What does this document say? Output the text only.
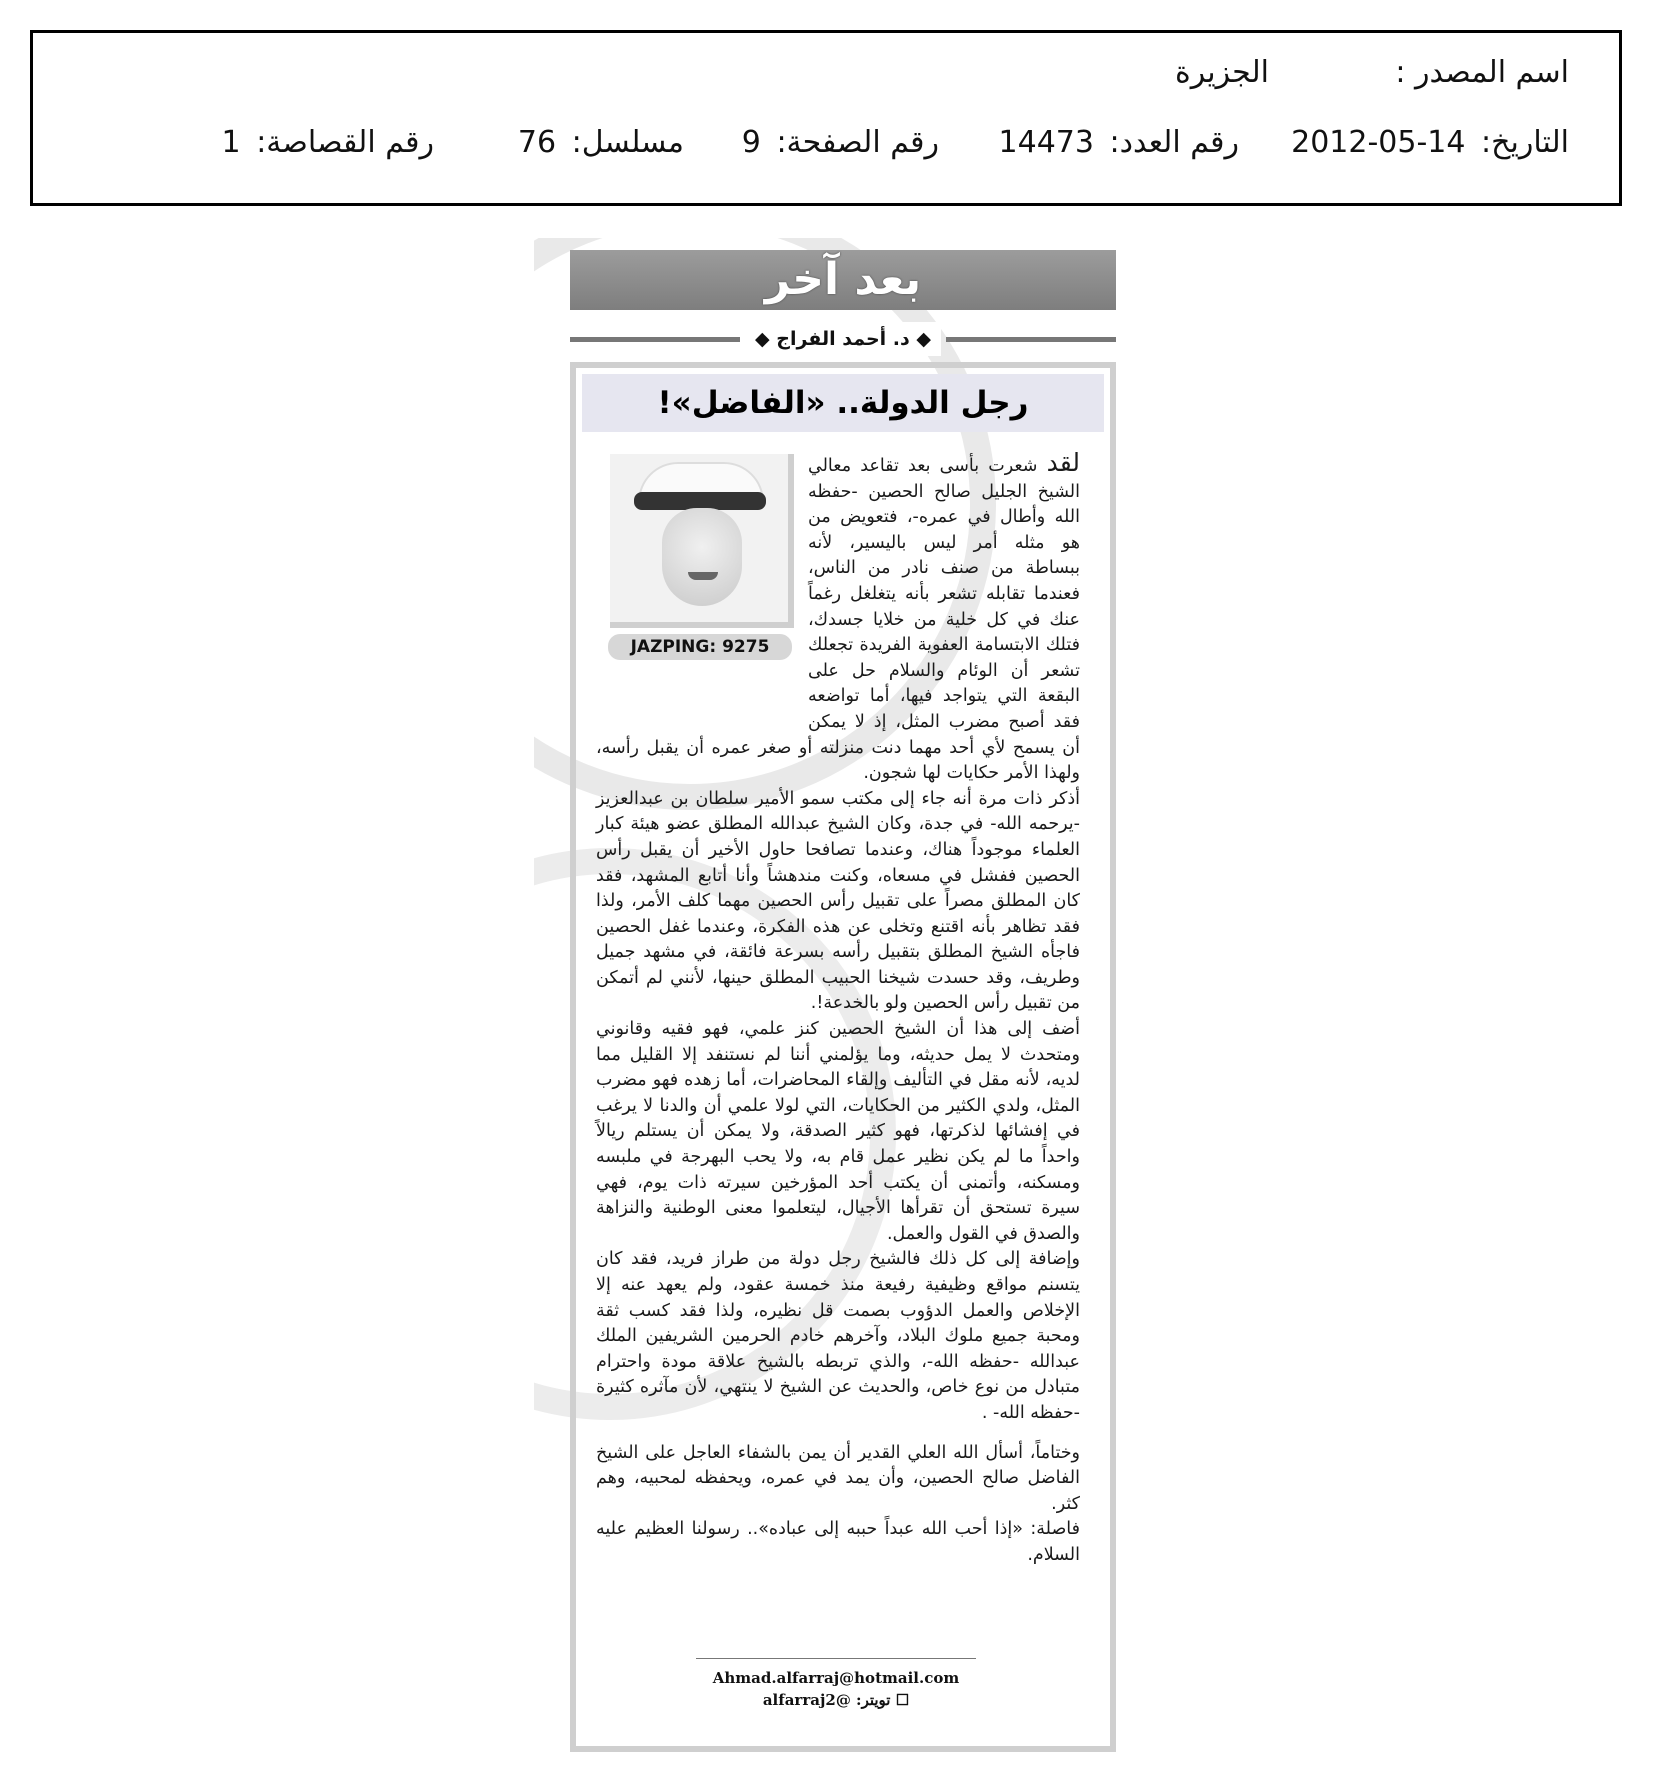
اسم المصدر :
الجزيرة
التاريخ: 2012-05-14
رقم العدد: 14473
رقم الصفحة: 9
مسلسل: 76
رقم القصاصة: 1
بعد آخر
◆ د. أحمد الفراج ◆
رجل الدولة.. «الفاضل»!
JAZPING: 9275

لقد شعرت بأسى بعد تقاعد معالي الشيخ الجليل صالح الحصين -حفظه الله وأطال في عمره-، فتعويض من هو مثله أمر ليس باليسير، لأنه ببساطة من صنف نادر من الناس، فعندما تقابله تشعر بأنه يتغلغل رغماً عنك في كل خلية من خلايا جسدك، فتلك الابتسامة العفوية الفريدة تجعلك تشعر أن الوئام والسلام حل على البقعة التي يتواجد فيها، أما تواضعه فقد أصبح مضرب المثل، إذ لا يمكن أن يسمح لأي أحد مهما دنت منزلته أو صغر عمره أن يقبل رأسه، ولهذا الأمر حكايات لها شجون.

أذكر ذات مرة أنه جاء إلى مكتب سمو الأمير سلطان بن عبدالعزيز -يرحمه الله- في جدة، وكان الشيخ عبدالله المطلق عضو هيئة كبار العلماء موجوداً هناك، وعندما تصافحا حاول الأخير أن يقبل رأس الحصين ففشل في مسعاه، وكنت مندهشاً وأنا أتابع المشهد، فقد كان المطلق مصراً على تقبيل رأس الحصين مهما كلف الأمر، ولذا فقد تظاهر بأنه اقتنع وتخلى عن هذه الفكرة، وعندما غفل الحصين فاجأه الشيخ المطلق بتقبيل رأسه بسرعة فائقة، في مشهد جميل وطريف، وقد حسدت شيخنا الحبيب المطلق حينها، لأنني لم أتمكن من تقبيل رأس الحصين ولو بالخدعة!.

أضف إلى هذا أن الشيخ الحصين كنز علمي، فهو فقيه وقانوني ومتحدث لا يمل حديثه، وما يؤلمني أننا لم نستنفد إلا القليل مما لديه، لأنه مقل في التأليف وإلقاء المحاضرات، أما زهده فهو مضرب المثل، ولدي الكثير من الحكايات، التي لولا علمي أن والدنا لا يرغب في إفشائها لذكرتها، فهو كثير الصدقة، ولا يمكن أن يستلم ريالاً واحداً ما لم يكن نظير عمل قام به، ولا يحب البهرجة في ملبسه ومسكنه، وأتمنى أن يكتب أحد المؤرخين سيرته ذات يوم، فهي سيرة تستحق أن تقرأها الأجيال، ليتعلموا معنى الوطنية والنزاهة والصدق في القول والعمل.

وإضافة إلى كل ذلك فالشيخ رجل دولة من طراز فريد، فقد كان يتسنم مواقع وظيفية رفيعة منذ خمسة عقود، ولم يعهد عنه إلا الإخلاص والعمل الدؤوب بصمت قل نظيره، ولذا فقد كسب ثقة ومحبة جميع ملوك البلاد، وآخرهم خادم الحرمين الشريفين الملك عبدالله -حفظه الله-، والذي تربطه بالشيخ علاقة مودة واحترام متبادل من نوع خاص، والحديث عن الشيخ لا ينتهي، لأن مآثره كثيرة -حفظه الله- .

وختاماً، أسأل الله العلي القدير أن يمن بالشفاء العاجل على الشيخ الفاضل صالح الحصين، وأن يمد في عمره، ويحفظه لمحبيه، وهم كثر.

فاصلة: «إذا أحب الله عبداً حببه إلى عباده».. رسولنا العظيم عليه السلام.

Ahmad.alfarraj@hotmail.com
☐ تويتر: @alfarraj2
